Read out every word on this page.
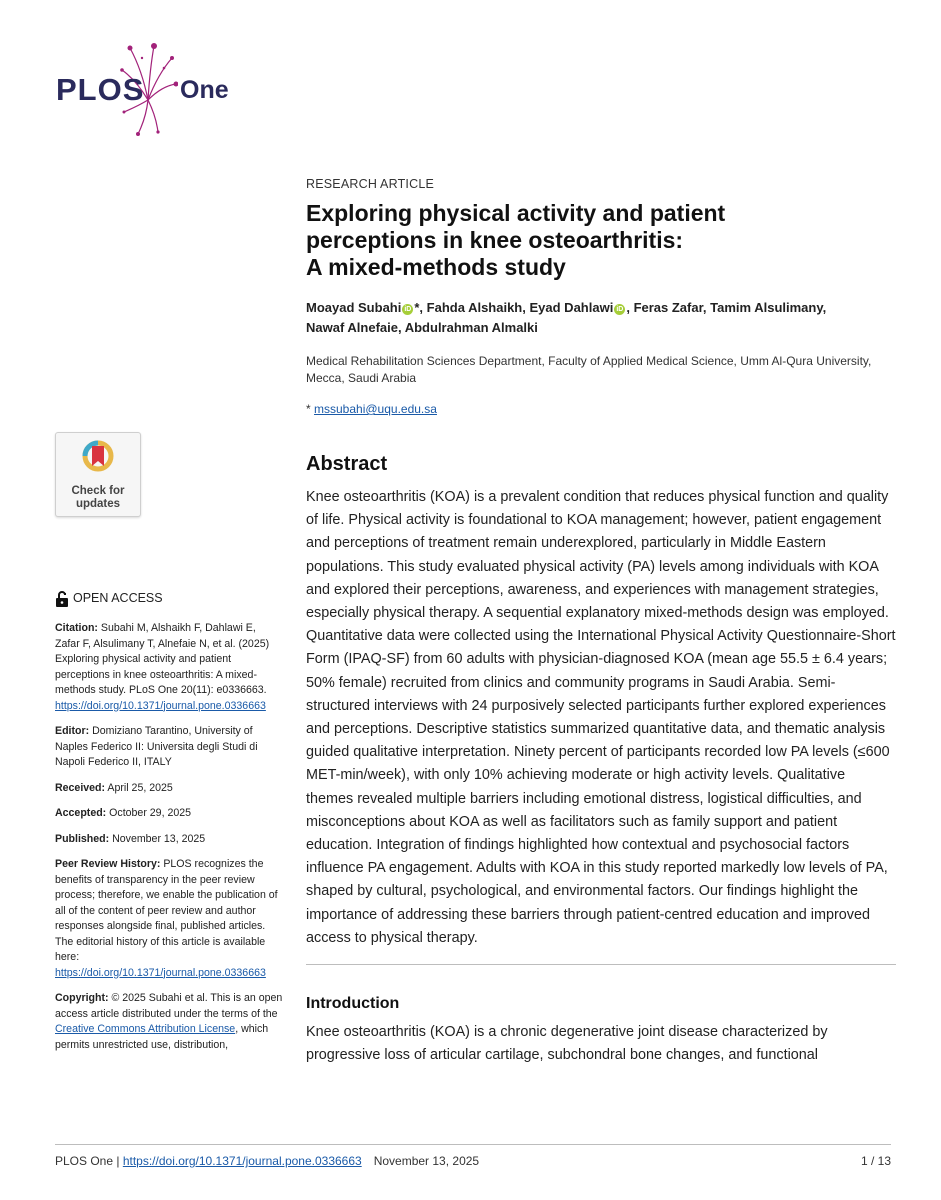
PLOS One
RESEARCH ARTICLE
Exploring physical activity and patient
perceptions in knee osteoarthritis:
A mixed-methods study
Moayad Subahi iD *, Fahda Alshaikh, Eyad Dahlawi iD , Feras Zafar, Tamim Alsulimany,
Nawaf Alnefaie, Abdulrahman Almalki
Medical Rehabilitation Sciences Department, Faculty of Applied Medical Science, Umm Al-Qura University, Mecca, Saudi Arabia
* mssubahi@uqu.edu.sa
Abstract
Knee osteoarthritis (KOA) is a prevalent condition that reduces physical function and quality of life. Physical activity is foundational to KOA management; however, patient engagement and perceptions of treatment remain underexplored, particularly in Middle Eastern populations. This study evaluated physical activity (PA) levels among individuals with KOA and explored their perceptions, awareness, and experiences with management strategies, especially physical therapy. A sequential explanatory mixed-methods design was employed. Quantitative data were collected using the International Physical Activity Questionnaire-Short Form (IPAQ-SF) from 60 adults with physician-diagnosed KOA (mean age 55.5 ± 6.4 years; 50% female) recruited from clinics and community programs in Saudi Arabia. Semi-structured interviews with 24 purposively selected participants further explored experiences and perceptions. Descriptive statistics summarized quantitative data, and thematic analysis guided qualitative interpretation. Ninety percent of participants recorded low PA levels (≤600 MET-min/week), with only 10% achieving moderate or high activity levels. Qualitative themes revealed multiple barriers including emotional distress, logistical difficulties, and misconceptions about KOA as well as facilitators such as family support and patient education. Integration of findings highlighted how contextual and psychosocial factors influence PA engagement. Adults with KOA in this study reported markedly low levels of PA, shaped by cultural, psychological, and environmental factors. Our findings highlight the importance of addressing these barriers through patient-centred education and improved access to physical therapy.
Introduction
Knee osteoarthritis (KOA) is a chronic degenerative joint disease characterized by progressive loss of articular cartilage, subchondral bone changes, and functional
Check for
updates
OPEN ACCESS
Citation: Subahi M, Alshaikh F, Dahlawi E, Zafar F, Alsulimany T, Alnefaie N, et al. (2025) Exploring physical activity and patient perceptions in knee osteoarthritis: A mixed-methods study. PLoS One 20(11): e0336663. https://doi.org/10.1371/journal.pone.0336663
Editor: Domiziano Tarantino, University of Naples Federico II: Universita degli Studi di Napoli Federico II, ITALY
Received: April 25, 2025
Accepted: October 29, 2025
Published: November 13, 2025
Peer Review History: PLOS recognizes the benefits of transparency in the peer review process; therefore, we enable the publication of all of the content of peer review and author responses alongside final, published articles. The editorial history of this article is available here: https://doi.org/10.1371/journal.pone.0336663
Copyright: © 2025 Subahi et al. This is an open access article distributed under the terms of the Creative Commons Attribution License, which permits unrestricted use, distribution,
PLOS One | https://doi.org/10.1371/journal.pone.0336663 November 13, 2025	1 / 13
